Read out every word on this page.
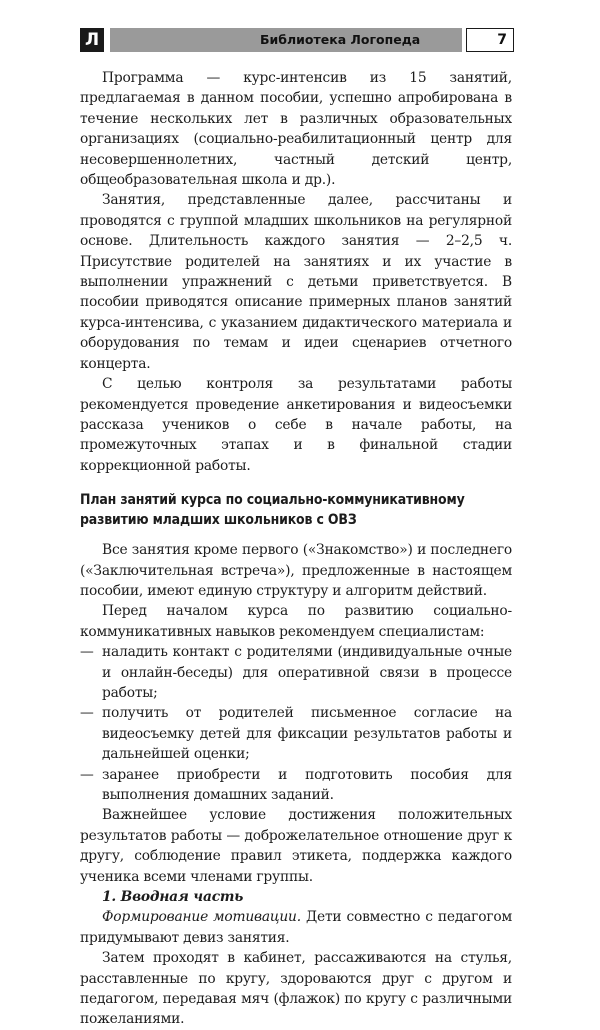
Л	Библиотека Логопеда	7

Программа — курс-интенсив из 15 занятий, предлагаемая в данном пособии, успешно апробирована в течение нескольких лет в различных образовательных организациях (социально-реабилитационный центр для несовершеннолетних, частный детский центр, общеобразовательная школа и др.).

Занятия, представленные далее, рассчитаны и проводятся с группой младших школьников на регулярной основе. Длительность каждого занятия — 2–2,5 ч. Присутствие родителей на занятиях и их участие в выполнении упражнений с детьми приветствуется. В пособии приводятся описание примерных планов занятий курса-интенсива, с указанием дидактического материала и оборудования по темам и идеи сценариев отчетного концерта.

С целью контроля за результатами работы рекомендуется проведение анкетирования и видеосъемки рассказа учеников о себе в начале работы, на промежуточных этапах и в финальной стадии коррекционной работы.

План занятий курса по социально-коммуникативному развитию младших школьников с ОВЗ

Все занятия кроме первого («Знакомство») и последнего («Заключительная встреча»), предложенные в настоящем пособии, имеют единую структуру и алгоритм действий.

Перед началом курса по развитию социально-коммуникативных навыков рекомендуем специалистам:

— наладить контакт с родителями (индивидуальные очные и онлайн-беседы) для оперативной связи в процессе работы;
— получить от родителей письменное согласие на видеосъемку детей для фиксации результатов работы и дальнейшей оценки;
— заранее приобрести и подготовить пособия для выполнения домашних заданий.

Важнейшее условие достижения положительных результатов работы — доброжелательное отношение друг к другу, соблюдение правил этикета, поддержка каждого ученика всеми членами группы.

1. Вводная часть

Формирование мотивации. Дети совместно с педагогом придумывают девиз занятия.

Затем проходят в кабинет, рассаживаются на стулья, расставленные по кругу, здороваются друг с другом и педагогом, передавая мяч (флажок) по кругу с различными пожеланиями.
